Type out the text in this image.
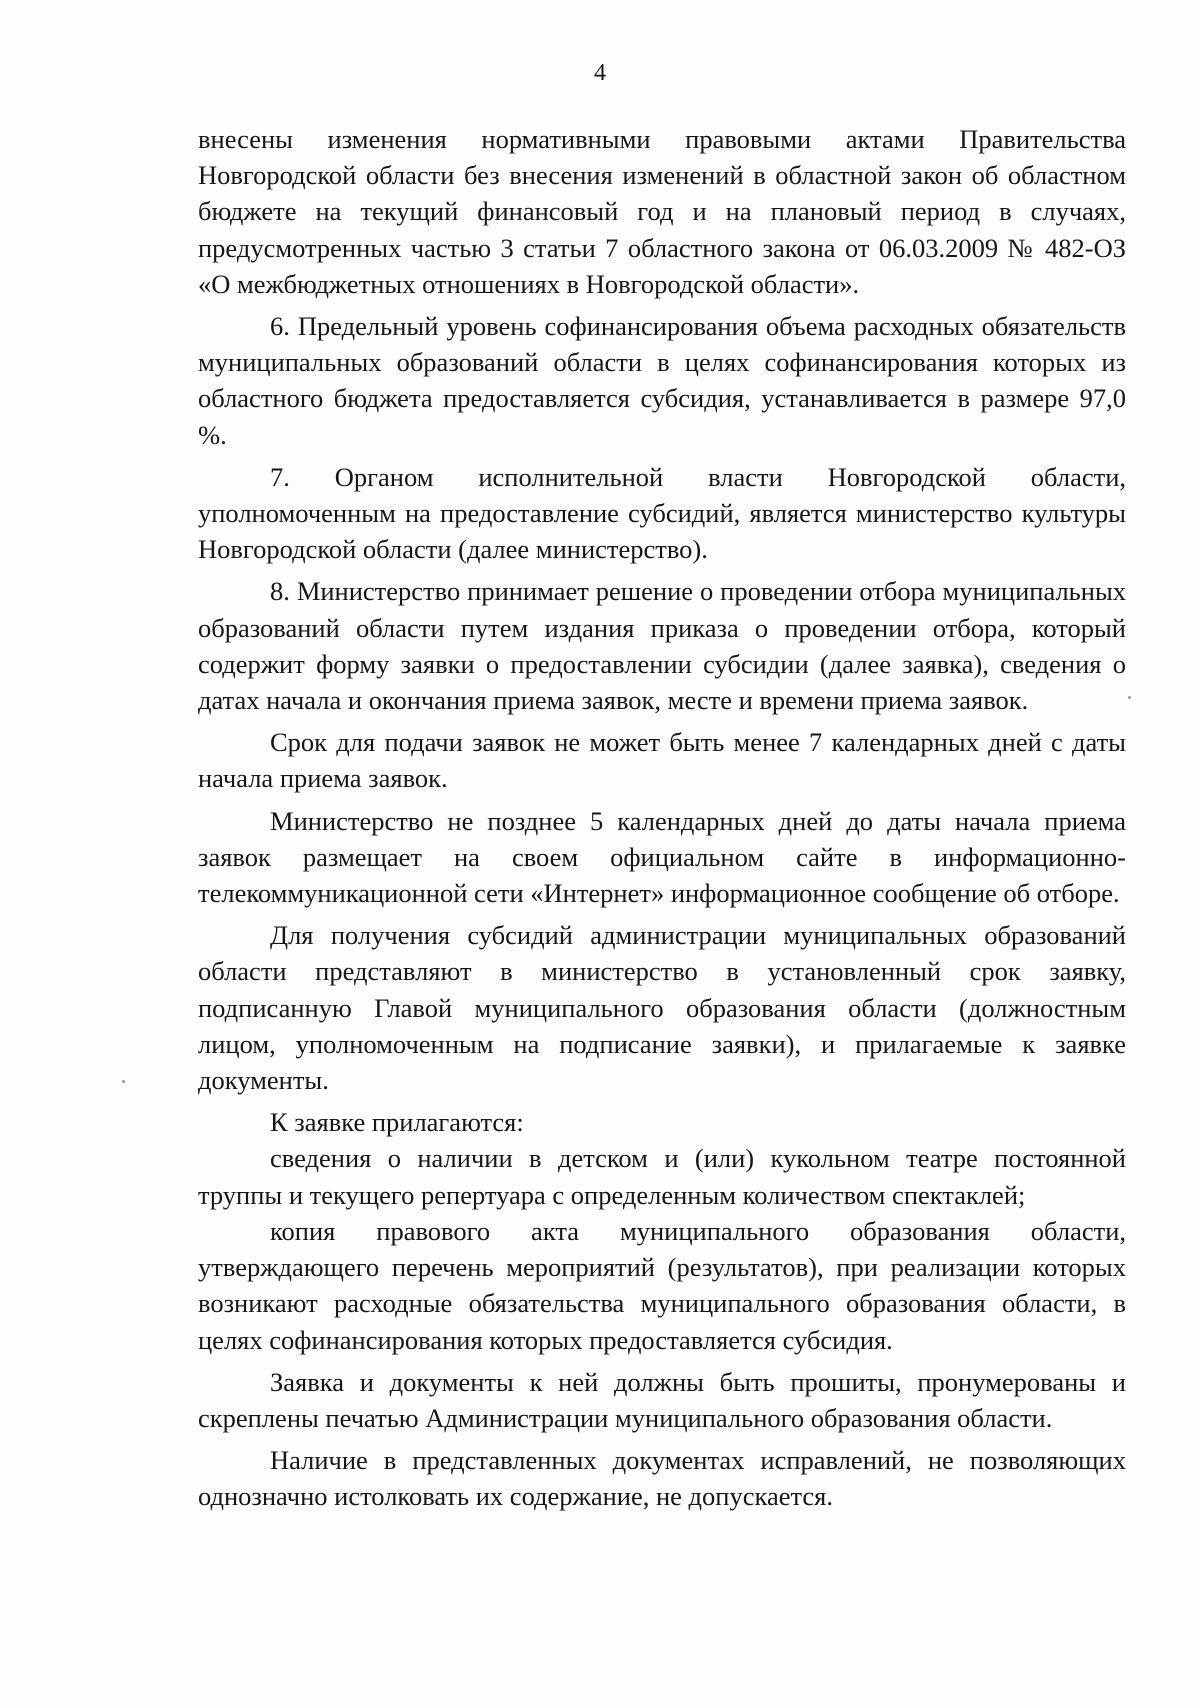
4

внесены изменения нормативными правовыми актами Правительства Новгородской области без внесения изменений в областной закон об областном бюджете на текущий финансовый год и на плановый период в случаях, предусмотренных частью 3 статьи 7 областного закона от 06.03.2009 № 482-ОЗ «О межбюджетных отношениях в Новгородской области».

6. Предельный уровень софинансирования объема расходных обязательств муниципальных образований области в целях софинансирования которых из областного бюджета предоставляется субсидия, устанавливается в размере 97,0 %.

7. Органом исполнительной власти Новгородской области, уполномоченным на предоставление субсидий, является министерство культуры Новгородской области (далее министерство).

8. Министерство принимает решение о проведении отбора муниципальных образований области путем издания приказа о проведении отбора, который содержит форму заявки о предоставлении субсидии (далее заявка), сведения о датах начала и окончания приема заявок, месте и времени приема заявок.

Срок для подачи заявок не может быть менее 7 календарных дней с даты начала приема заявок.

Министерство не позднее 5 календарных дней до даты начала приема заявок размещает на своем официальном сайте в информационно-телекоммуникационной сети «Интернет» информационное сообщение об отборе.

Для получения субсидий администрации муниципальных образований области представляют в министерство в установленный срок заявку, подписанную Главой муниципального образования области (должностным лицом, уполномоченным на подписание заявки), и прилагаемые к заявке документы.

К заявке прилагаются:

сведения о наличии в детском и (или) кукольном театре постоянной труппы и текущего репертуара с определенным количеством спектаклей;

копия правового акта муниципального образования области, утверждающего перечень мероприятий (результатов), при реализации которых возникают расходные обязательства муниципального образования области, в целях софинансирования которых предоставляется субсидия.

Заявка и документы к ней должны быть прошиты, пронумерованы и скреплены печатью Администрации муниципального образования области.

Наличие в представленных документах исправлений, не позволяющих однозначно истолковать их содержание, не допускается.
